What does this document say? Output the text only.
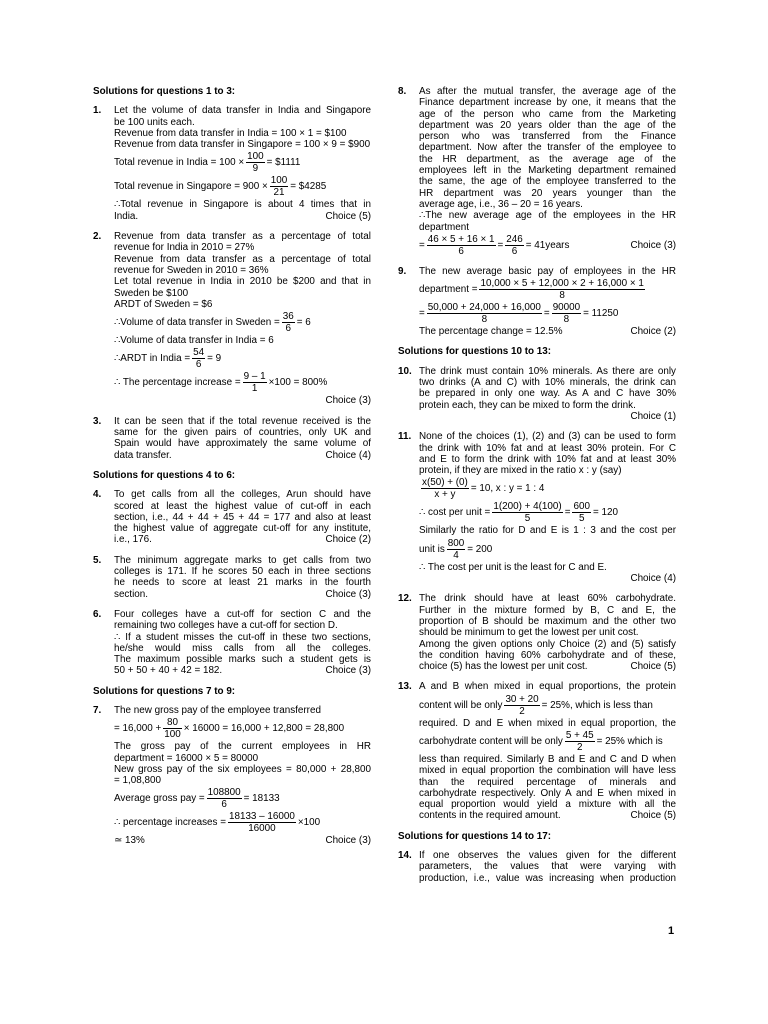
Solutions for questions 1 to 3:
1. Let the volume of data transfer in India and Singapore
be 100 units each.
Revenue from data transfer in India = 100 × 1 = $100
Revenue from data transfer in Singapore = 100 × 9 = $900
Total revenue in India = $100 \times \frac{100}{9}$ = $1111
Total revenue in Singapore = $900 \times \frac{100}{21}$ = $4285
∴Total revenue in Singapore is about 4 times that in
India.	Choice (5)
2. Revenue from data transfer as a percentage of total
revenue for India in 2010 = 27%
Revenue from data transfer as a percentage of total
revenue for Sweden in 2010 = 36%
Let total revenue in India in 2010 be $200 and that in
Sweden be $100
ARDT of Sweden = $6
∴Volume of data transfer in Sweden = $\frac{36}{6} = 6$
∴Volume of data transfer in India = 6
∴ARDT in India = $\frac{54}{6} = 9$
∴ The percentage increase = $\frac{9 - 1}{1} \times 100 = 800\%$
Choice (3)
3. It can be seen that if the total revenue received is the
same for the given pairs of countries, only UK and
Spain would have approximately the same volume of
data transfer.	Choice (4)
Solutions for questions 4 to 6:
4. To get calls from all the colleges, Arun should have
scored at least the highest value of cut-off in each
section, i.e., 44 + 44 + 45 + 44 = 177 and also at least
the highest value of aggregate cut-off for any institute,
i.e., 176.	Choice (2)
5. The minimum aggregate marks to get calls from two
colleges is 171. If he scores 50 each in three sections
he needs to score at least 21 marks in the fourth
section.	Choice (3)
6. Four colleges have a cut-off for section C and the
remaining two colleges have a cut-off for section D.
∴ If a student misses the cut-off in these two sections,
he/she would miss calls from all the colleges.
The maximum possible marks such a student gets is
50 + 50 + 40 + 42 = 182.	Choice (3)
Solutions for questions 7 to 9:
7. The new gross pay of the employee transferred
= $16,000 + \frac{80}{100} \times 16000 = 16,000 + 12,800 = 28,800$
The gross pay of the current employees in HR
department = 16000 × 5 = 80000
New gross pay of the six employees = 80,000 + 28,800
= 1,08,800
Average gross pay = $\frac{108800}{6} = 18133$
∴ percentage increases = $\frac{18133 - 16000}{16000} \times 100$
≃ 13%	Choice (3)
8. As after the mutual transfer, the average age of the
Finance department increase by one, it means that the
age of the person who came from the Marketing
department was 20 years older than the age of the
person who was transferred from the Finance
department. Now after the transfer of the employee to
the HR department, as the average age of the
employees left in the Marketing department remained
the same, the age of the employee transferred to the
HR department was 20 years younger than the
average age, i.e., 36 – 20 = 16 years.
∴The new average age of the employees in the HR
department
= $\frac{46 \times 5 + 16 \times 1}{6} = \frac{246}{6}$ = 41years	Choice (3)
9. The new average basic pay of employees in the HR
department = $\frac{10,000 \times 5 + 12,000 \times 2 + 16,000 \times 1}{8}$
= $\frac{50,000 + 24,000 + 16,000}{8} = \frac{90000}{8} = 11250$
The percentage change = 12.5%	Choice (2)
Solutions for questions 10 to 13:
10. The drink must contain 10% minerals. As there are only
two drinks (A and C) with 10% minerals, the drink can
be prepared in only one way. As A and C have 30%
protein each, they can be mixed to form the drink.
Choice (1)
11. None of the choices (1), (2) and (3) can be used to form
the drink with 10% fat and at least 30% protein. For C
and E to form the drink with 10% fat and at least 30%
protein, if they are mixed in the ratio x : y (say)
$\frac{x(50) + (0)}{x + y} = 10$, x : y = 1 : 4
∴ cost per unit = $\frac{1(200) + 4(100)}{5} = \frac{600}{5} = 120$
Similarly the ratio for D and E is 1 : 3 and the cost per
unit is $\frac{800}{4} = 200$
∴ The cost per unit is the least for C and E.
Choice (4)
12. The drink should have at least 60% carbohydrate.
Further in the mixture formed by B, C and E, the
proportion of B should be maximum and the other two
should be minimum to get the lowest per unit cost.
Among the given options only Choice (2) and (5) satisfy
the condition having 60% carbohydrate and of these,
choice (5) has the lowest per unit cost.	Choice (5)
13. A and B when mixed in equal proportions, the protein
content will be only $\frac{30 + 20}{2} = 25\%$, which is less than
required. D and E when mixed in equal proportion, the
carbohydrate content will be only $\frac{5 + 45}{2} = 25\%$ which is
less than required. Similarly B and E and C and D when
mixed in equal proportion the combination will have less
than the required percentage of minerals and
carbohydrate respectively. Only A and E when mixed in
equal proportion would yield a mixture with all the
contents in the required amount.	Choice (5)
Solutions for questions 14 to 17:
14. If one observes the values given for the different
parameters, the values that were varying with
production, i.e., value was increasing when production
1
